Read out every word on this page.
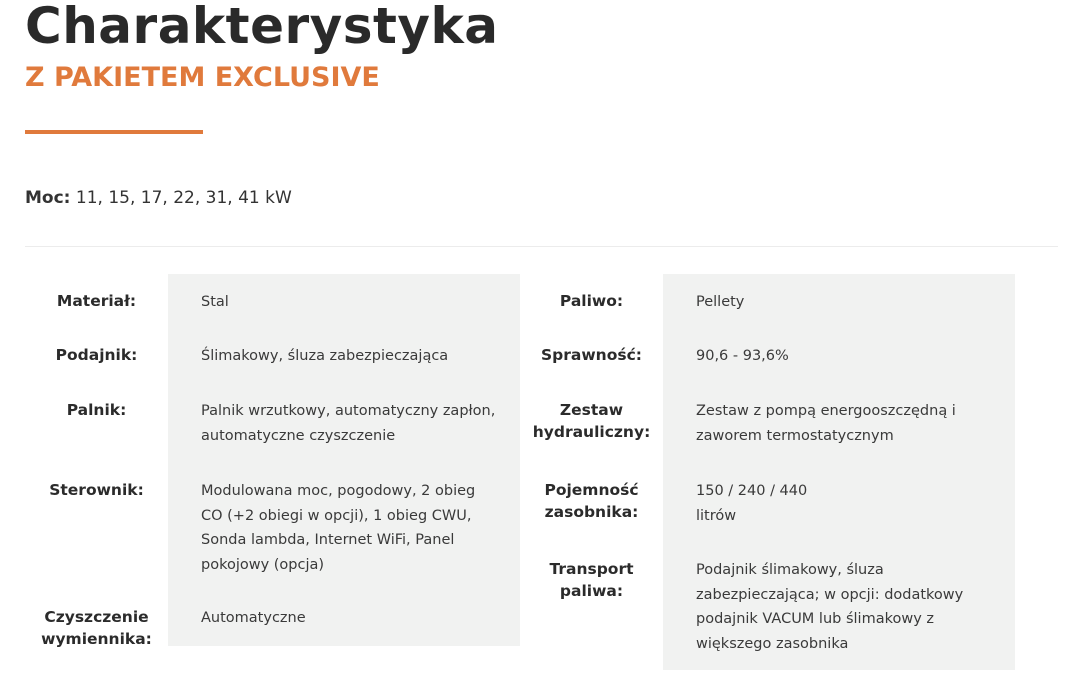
Charakterystyka
Z PAKIETEM EXCLUSIVE

Moc: 11, 15, 17, 22, 31, 41 kW

Materiał:	Stal
Podajnik:	Ślimakowy, śluza zabezpieczająca
Palnik:	Palnik wrzutkowy, automatyczny zapłon, automatyczne czyszczenie
Sterownik:	Modulowana moc, pogodowy, 2 obieg CO (+2 obiegi w opcji), 1 obieg CWU, Sonda lambda, Internet WiFi, Panel pokojowy (opcja)
Czyszczenie wymiennika:
Automatyczne
Paliwo:	Pellety
Sprawność:	90,6 - 93,6%
Zestaw hydrauliczny:
Zestaw z pompą energooszczędną i zaworem termostatycznym
Pojemność zasobnika:
150 / 240 / 440 litrów
Transport paliwa:
Podajnik ślimakowy, śluza zabezpieczająca; w opcji: dodatkowy podajnik VACUM lub ślimakowy z większego zasobnika
